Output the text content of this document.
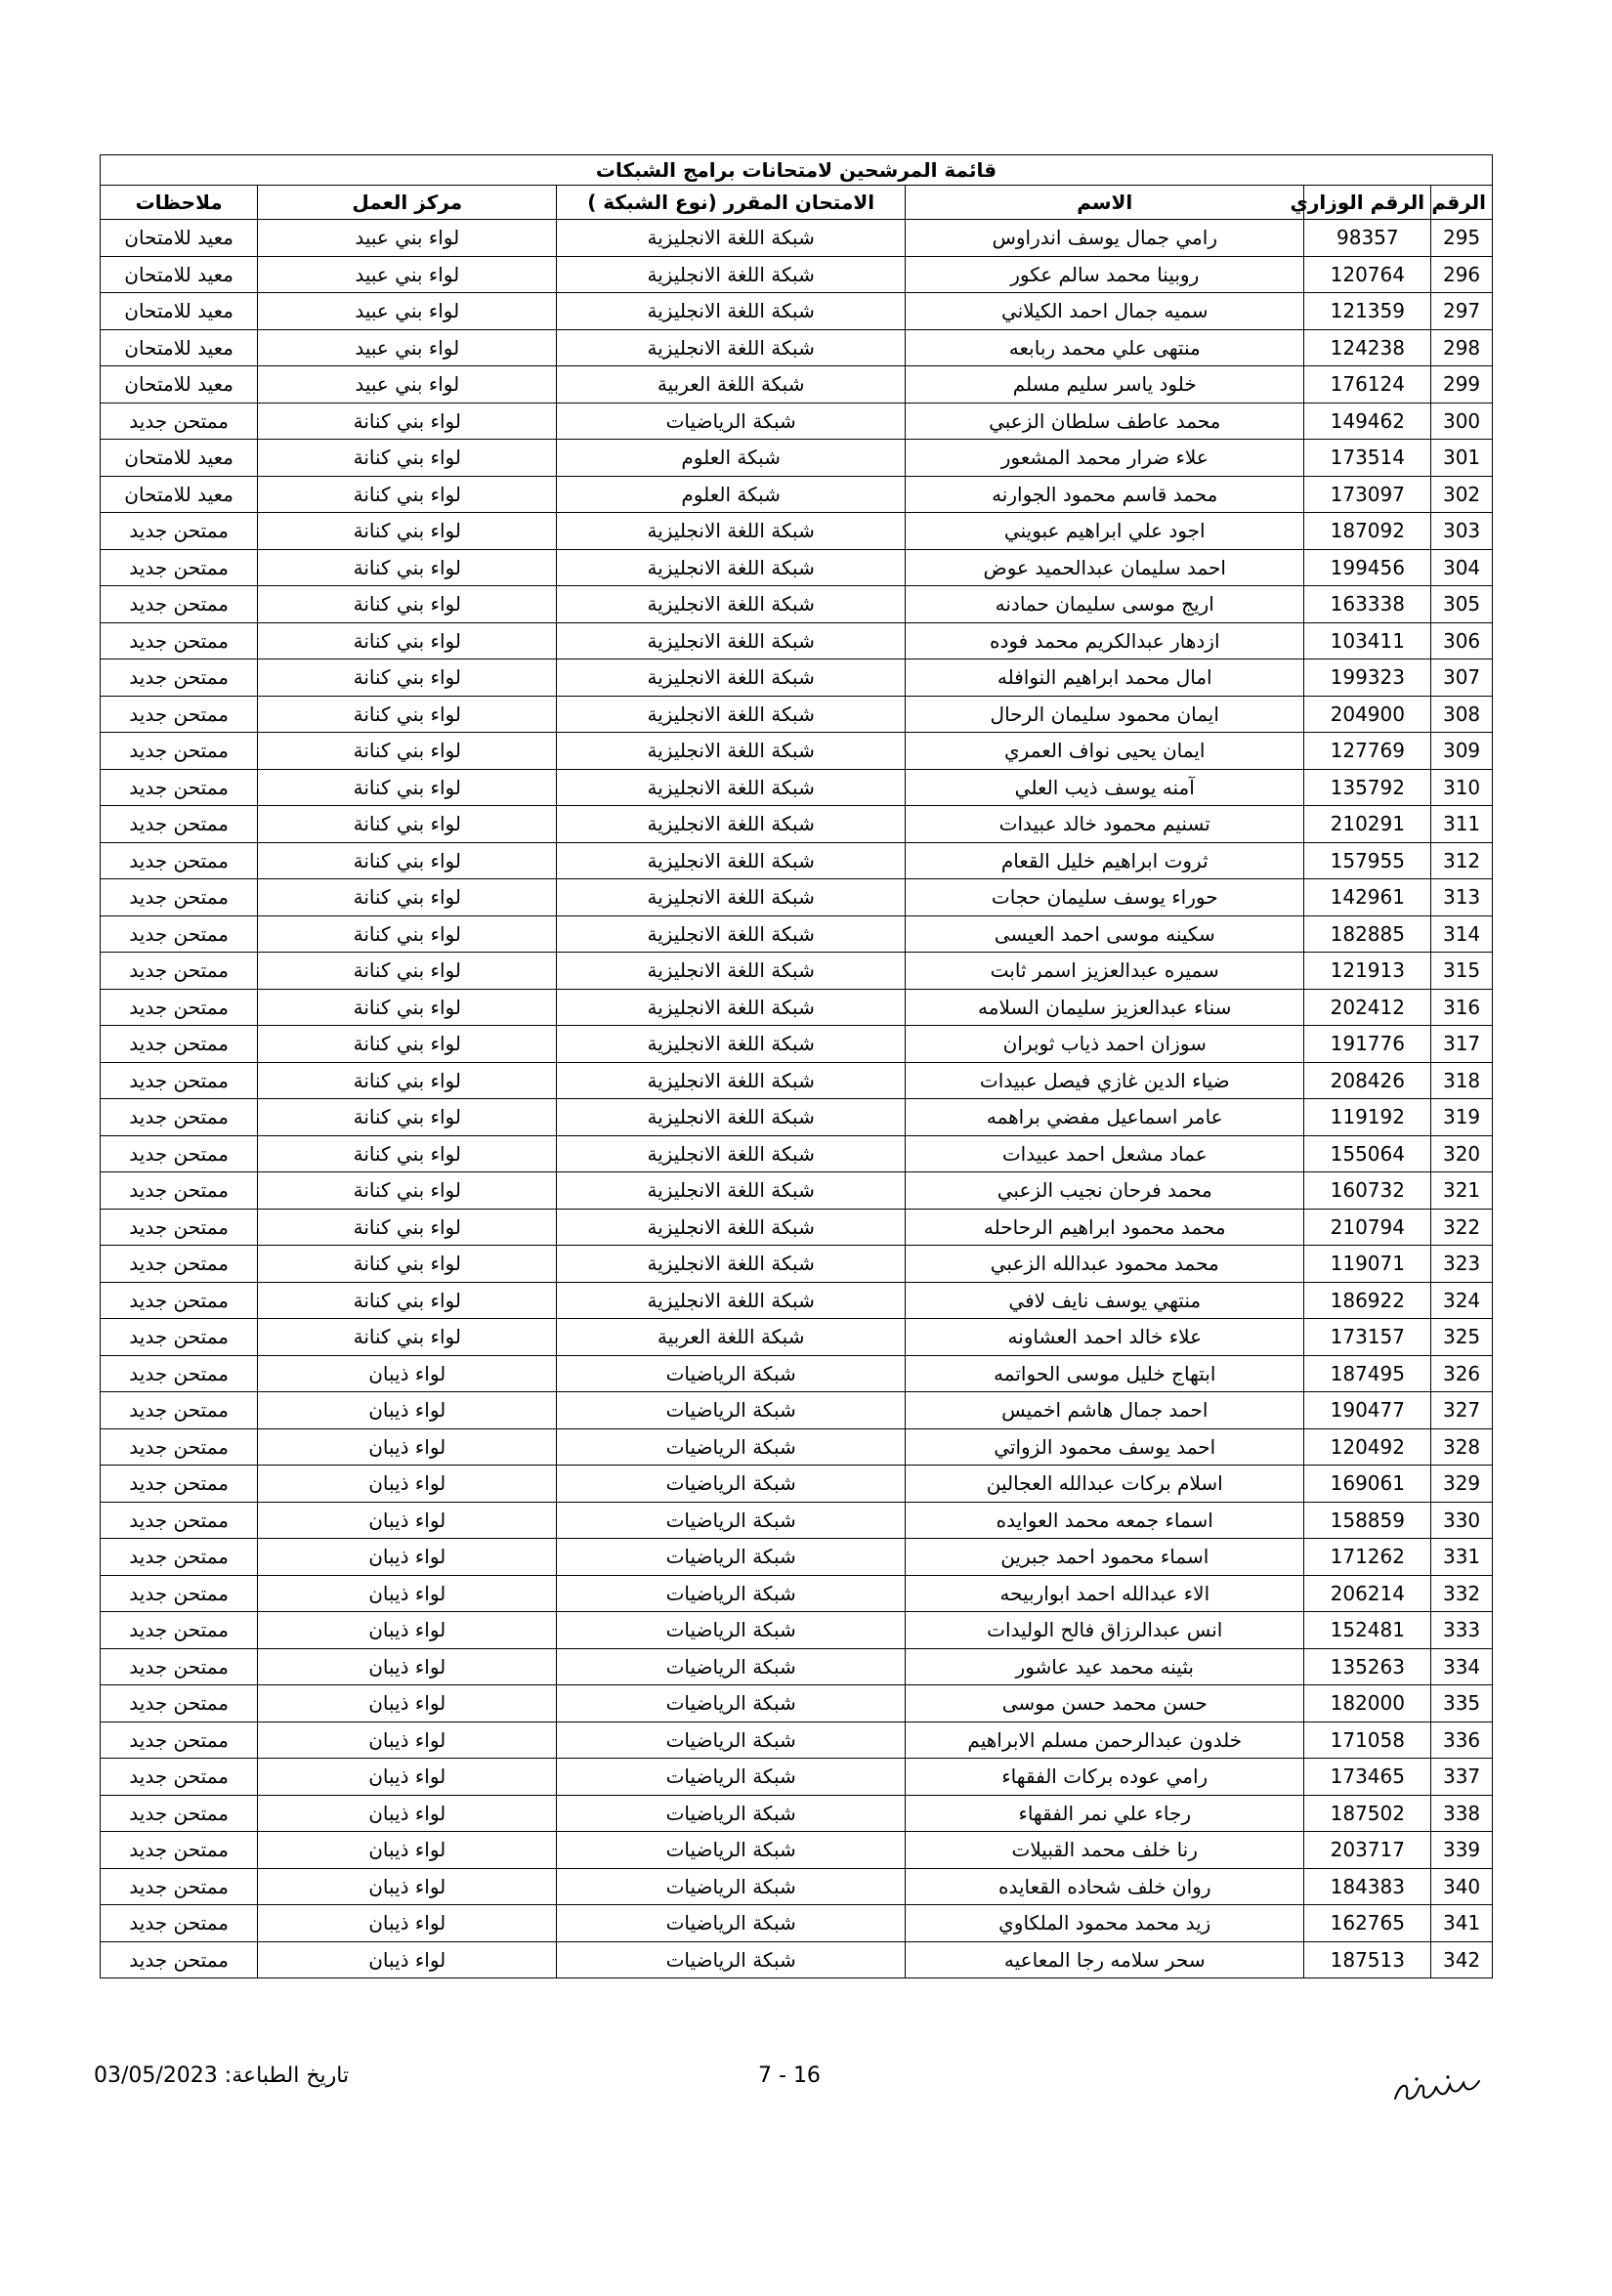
قائمة المرشحين لامتحانات برامج الشبكات					
الرقم	الرقم الوزاري	الاسم	الامتحان المقرر (نوع الشبكة )	مركز العمل	ملاحظات
295	98357	رامي جمال يوسف اندراوس	شبكة اللغة الانجليزية	لواء بني عبيد	معيد للامتحان
296	120764	روبينا محمد سالم عكور	شبكة اللغة الانجليزية	لواء بني عبيد	معيد للامتحان
297	121359	سميه جمال احمد الكيلاني	شبكة اللغة الانجليزية	لواء بني عبيد	معيد للامتحان
298	124238	منتهى علي محمد ربابعه	شبكة اللغة الانجليزية	لواء بني عبيد	معيد للامتحان
299	176124	خلود ياسر سليم مسلم	شبكة اللغة العربية	لواء بني عبيد	معيد للامتحان
300	149462	محمد عاطف سلطان الزعبي	شبكة الرياضيات	لواء بني كنانة	ممتحن جديد
301	173514	علاء ضرار محمد المشعور	شبكة العلوم	لواء بني كنانة	معيد للامتحان
302	173097	محمد قاسم محمود الجوارنه	شبكة العلوم	لواء بني كنانة	معيد للامتحان
303	187092	اجود علي ابراهيم عبويني	شبكة اللغة الانجليزية	لواء بني كنانة	ممتحن جديد
304	199456	احمد سليمان عبدالحميد عوض	شبكة اللغة الانجليزية	لواء بني كنانة	ممتحن جديد
305	163338	اريج موسى سليمان حمادنه	شبكة اللغة الانجليزية	لواء بني كنانة	ممتحن جديد
306	103411	ازدهار عبدالكريم محمد فوده	شبكة اللغة الانجليزية	لواء بني كنانة	ممتحن جديد
307	199323	امال محمد ابراهيم النوافله	شبكة اللغة الانجليزية	لواء بني كنانة	ممتحن جديد
308	204900	ايمان محمود سليمان الرحال	شبكة اللغة الانجليزية	لواء بني كنانة	ممتحن جديد
309	127769	ايمان يحيى نواف العمري	شبكة اللغة الانجليزية	لواء بني كنانة	ممتحن جديد
310	135792	آمنه يوسف ذيب العلي	شبكة اللغة الانجليزية	لواء بني كنانة	ممتحن جديد
311	210291	تسنيم محمود خالد عبيدات	شبكة اللغة الانجليزية	لواء بني كنانة	ممتحن جديد
312	157955	ثروت ابراهيم خليل القعام	شبكة اللغة الانجليزية	لواء بني كنانة	ممتحن جديد
313	142961	حوراء يوسف سليمان حجات	شبكة اللغة الانجليزية	لواء بني كنانة	ممتحن جديد
314	182885	سكينه موسى احمد العيسى	شبكة اللغة الانجليزية	لواء بني كنانة	ممتحن جديد
315	121913	سميره عبدالعزيز اسمر ثابت	شبكة اللغة الانجليزية	لواء بني كنانة	ممتحن جديد
316	202412	سناء عبدالعزيز سليمان السلامه	شبكة اللغة الانجليزية	لواء بني كنانة	ممتحن جديد
317	191776	سوزان احمد ذياب ثوبران	شبكة اللغة الانجليزية	لواء بني كنانة	ممتحن جديد
318	208426	ضياء الدين غازي فيصل عبيدات	شبكة اللغة الانجليزية	لواء بني كنانة	ممتحن جديد
319	119192	عامر اسماعيل مفضي براهمه	شبكة اللغة الانجليزية	لواء بني كنانة	ممتحن جديد
320	155064	عماد مشعل احمد عبيدات	شبكة اللغة الانجليزية	لواء بني كنانة	ممتحن جديد
321	160732	محمد فرحان نجيب الزعبي	شبكة اللغة الانجليزية	لواء بني كنانة	ممتحن جديد
322	210794	محمد محمود ابراهيم الرحاحله	شبكة اللغة الانجليزية	لواء بني كنانة	ممتحن جديد
323	119071	محمد محمود عبدالله الزعبي	شبكة اللغة الانجليزية	لواء بني كنانة	ممتحن جديد
324	186922	منتهي يوسف نايف لافي	شبكة اللغة الانجليزية	لواء بني كنانة	ممتحن جديد
325	173157	علاء خالد احمد العشاونه	شبكة اللغة العربية	لواء بني كنانة	ممتحن جديد
326	187495	ابتهاج خليل موسى الحواتمه	شبكة الرياضيات	لواء ذيبان	ممتحن جديد
327	190477	احمد جمال هاشم اخميس	شبكة الرياضيات	لواء ذيبان	ممتحن جديد
328	120492	احمد يوسف محمود الزواتي	شبكة الرياضيات	لواء ذيبان	ممتحن جديد
329	169061	اسلام بركات عبدالله العجالين	شبكة الرياضيات	لواء ذيبان	ممتحن جديد
330	158859	اسماء جمعه محمد العوايده	شبكة الرياضيات	لواء ذيبان	ممتحن جديد
331	171262	اسماء محمود احمد جبرين	شبكة الرياضيات	لواء ذيبان	ممتحن جديد
332	206214	الاء عبدالله احمد ابواربيحه	شبكة الرياضيات	لواء ذيبان	ممتحن جديد
333	152481	انس عبدالرزاق فالح الوليدات	شبكة الرياضيات	لواء ذيبان	ممتحن جديد
334	135263	بثينه محمد عيد عاشور	شبكة الرياضيات	لواء ذيبان	ممتحن جديد
335	182000	حسن محمد حسن موسى	شبكة الرياضيات	لواء ذيبان	ممتحن جديد
336	171058	خلدون عبدالرحمن مسلم الابراهيم	شبكة الرياضيات	لواء ذيبان	ممتحن جديد
337	173465	رامي عوده بركات الفقهاء	شبكة الرياضيات	لواء ذيبان	ممتحن جديد
338	187502	رجاء علي نمر الفقهاء	شبكة الرياضيات	لواء ذيبان	ممتحن جديد
339	203717	رنا خلف محمد القبيلات	شبكة الرياضيات	لواء ذيبان	ممتحن جديد
340	184383	روان خلف شحاده القعايده	شبكة الرياضيات	لواء ذيبان	ممتحن جديد
341	162765	زيد محمد محمود الملكاوي	شبكة الرياضيات	لواء ذيبان	ممتحن جديد
342	187513	سحر سلامه رجا المعاعيه	شبكة الرياضيات	لواء ذيبان	ممتحن جديد
تاريخ الطباعة: 03/05/2023	16 - 7
